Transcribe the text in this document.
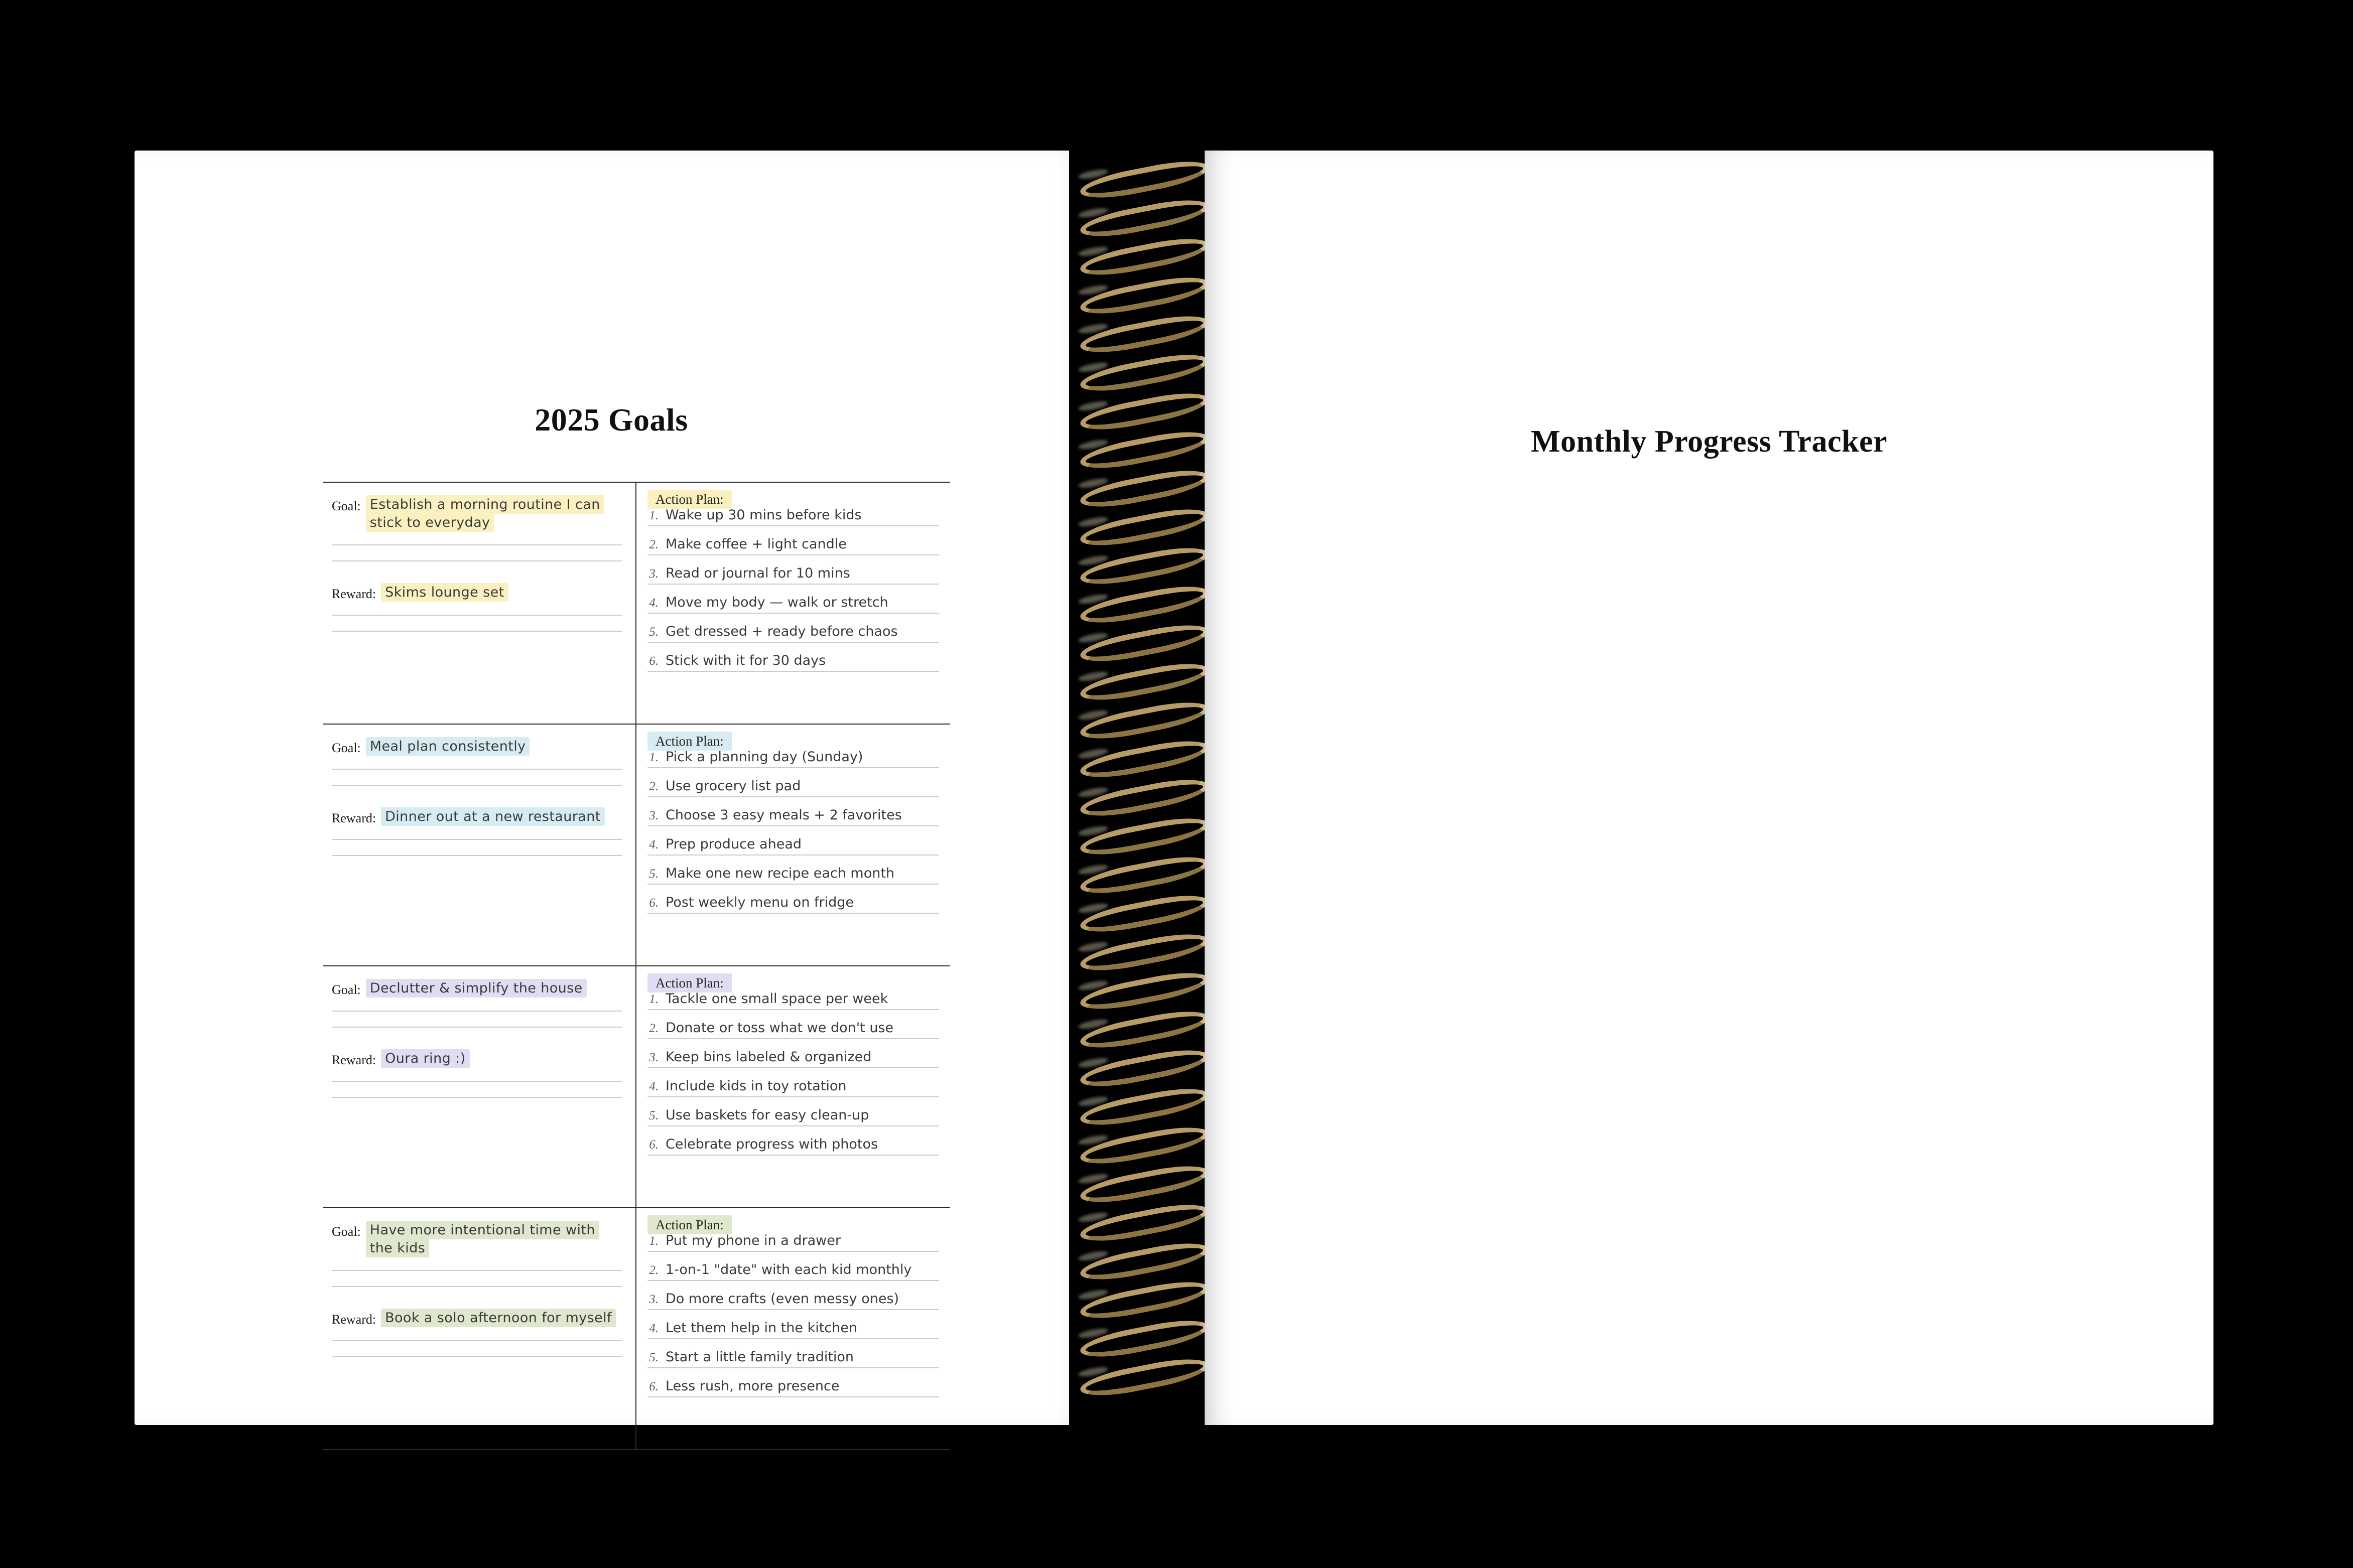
2025 Goals
Goal: Establish a morning routine I can stick to everyday
Reward: Skims lounge set
Action Plan:
1. Wake up 30 mins before kids
2. Make coffee + light candle
3. Read or journal for 10 mins
4. Move my body — walk or stretch
5. Get dressed + ready before chaos
6. Stick with it for 30 days
Goal: Meal plan consistently
Reward: Dinner out at a new restaurant
Action Plan:
1. Pick a planning day (Sunday)
2. Use grocery list pad
3. Choose 3 easy meals + 2 favorites
4. Prep produce ahead
5. Make one new recipe each month
6. Post weekly menu on fridge
Goal: Declutter & simplify the house
Reward: Oura ring :)
Action Plan:
1. Tackle one small space per week
2. Donate or toss what we don't use
3. Keep bins labeled & organized
4. Include kids in toy rotation
5. Use baskets for easy clean-up
6. Celebrate progress with photos
Goal: Have more intentional time with the kids
Reward: Book a solo afternoon for myself
Action Plan:
1. Put my phone in a drawer
2. 1-on-1 "date" with each kid monthly
3. Do more crafts (even messy ones)
4. Let them help in the kitchen
5. Start a little family tradition
6. Less rush, more presence
Monthly Progress Tracker
